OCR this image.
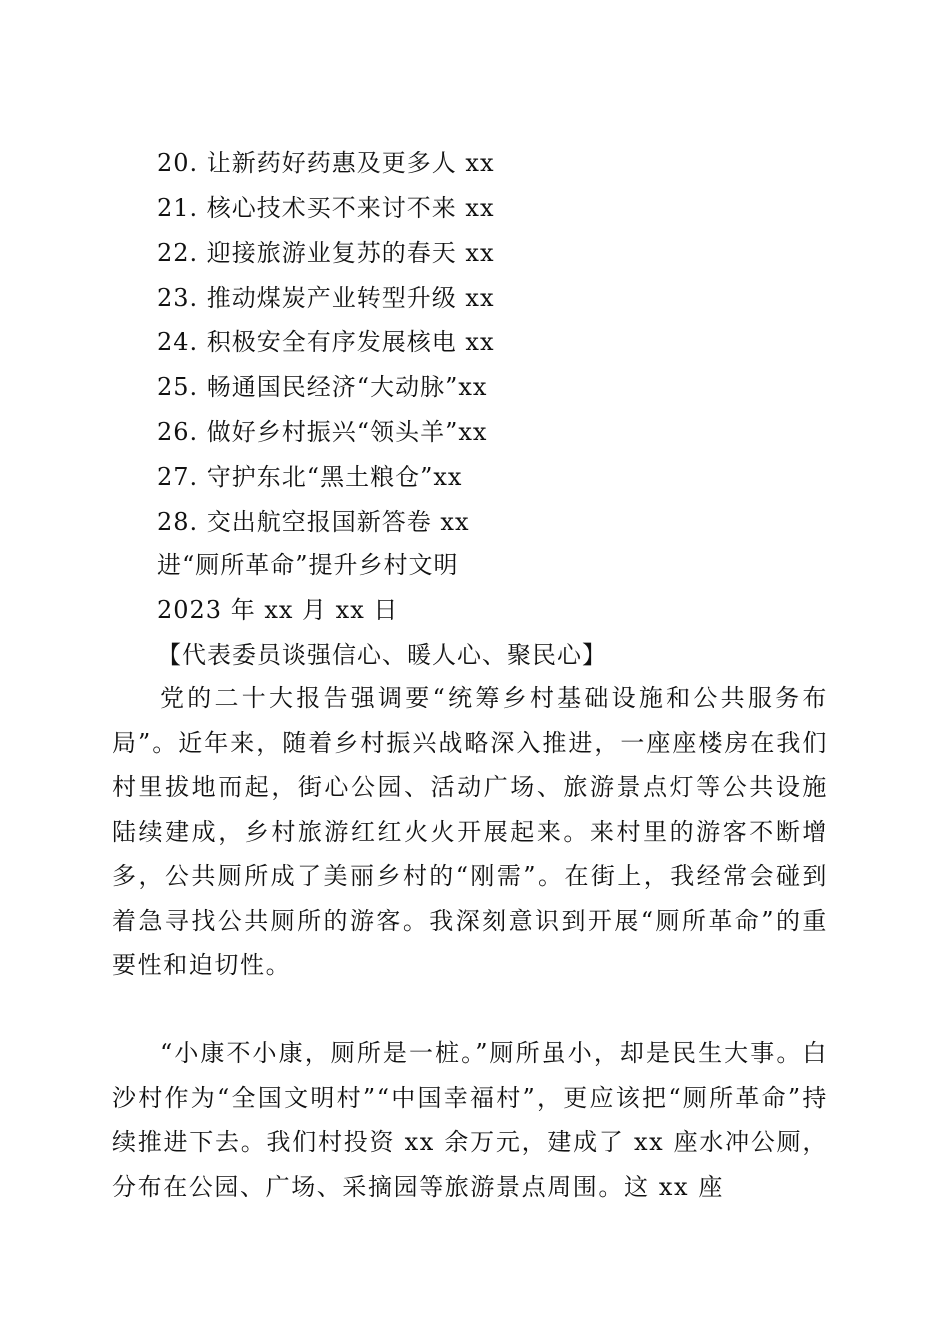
20. 让新药好药惠及更多人 xx
21. 核心技术买不来讨不来 xx
22. 迎接旅游业复苏的春天 xx
23. 推动煤炭产业转型升级 xx
24. 积极安全有序发展核电 xx
25. 畅通国民经济“大动脉”xx
26. 做好乡村振兴“领头羊”xx
27. 守护东北“黑土粮仓”xx
28. 交出航空报国新答卷 xx
进“厕所革命”提升乡村文明
2023 年 xx 月 xx 日
【代表委员谈强信心、暖人心、聚民心】

党的二十大报告强调要“统筹乡村基础设施和公共服务布局”。近年来，随着乡村振兴战略深入推进，一座座楼房在我们村里拔地而起，街心公园、活动广场、旅游景点灯等公共设施陆续建成，乡村旅游红红火火开展起来。来村里的游客不断增多，公共厕所成了美丽乡村的“刚需”。在街上，我经常会碰到着急寻找公共厕所的游客。我深刻意识到开展“厕所革命”的重要性和迫切性。

“小康不小康，厕所是一桩。”厕所虽小，却是民生大事。白沙村作为“全国文明村”“中国幸福村”，更应该把“厕所革命”持续推进下去。我们村投资 xx 余万元，建成了 xx 座水冲公厕，分布在公园、广场、采摘园等旅游景点周围。这 xx 座
